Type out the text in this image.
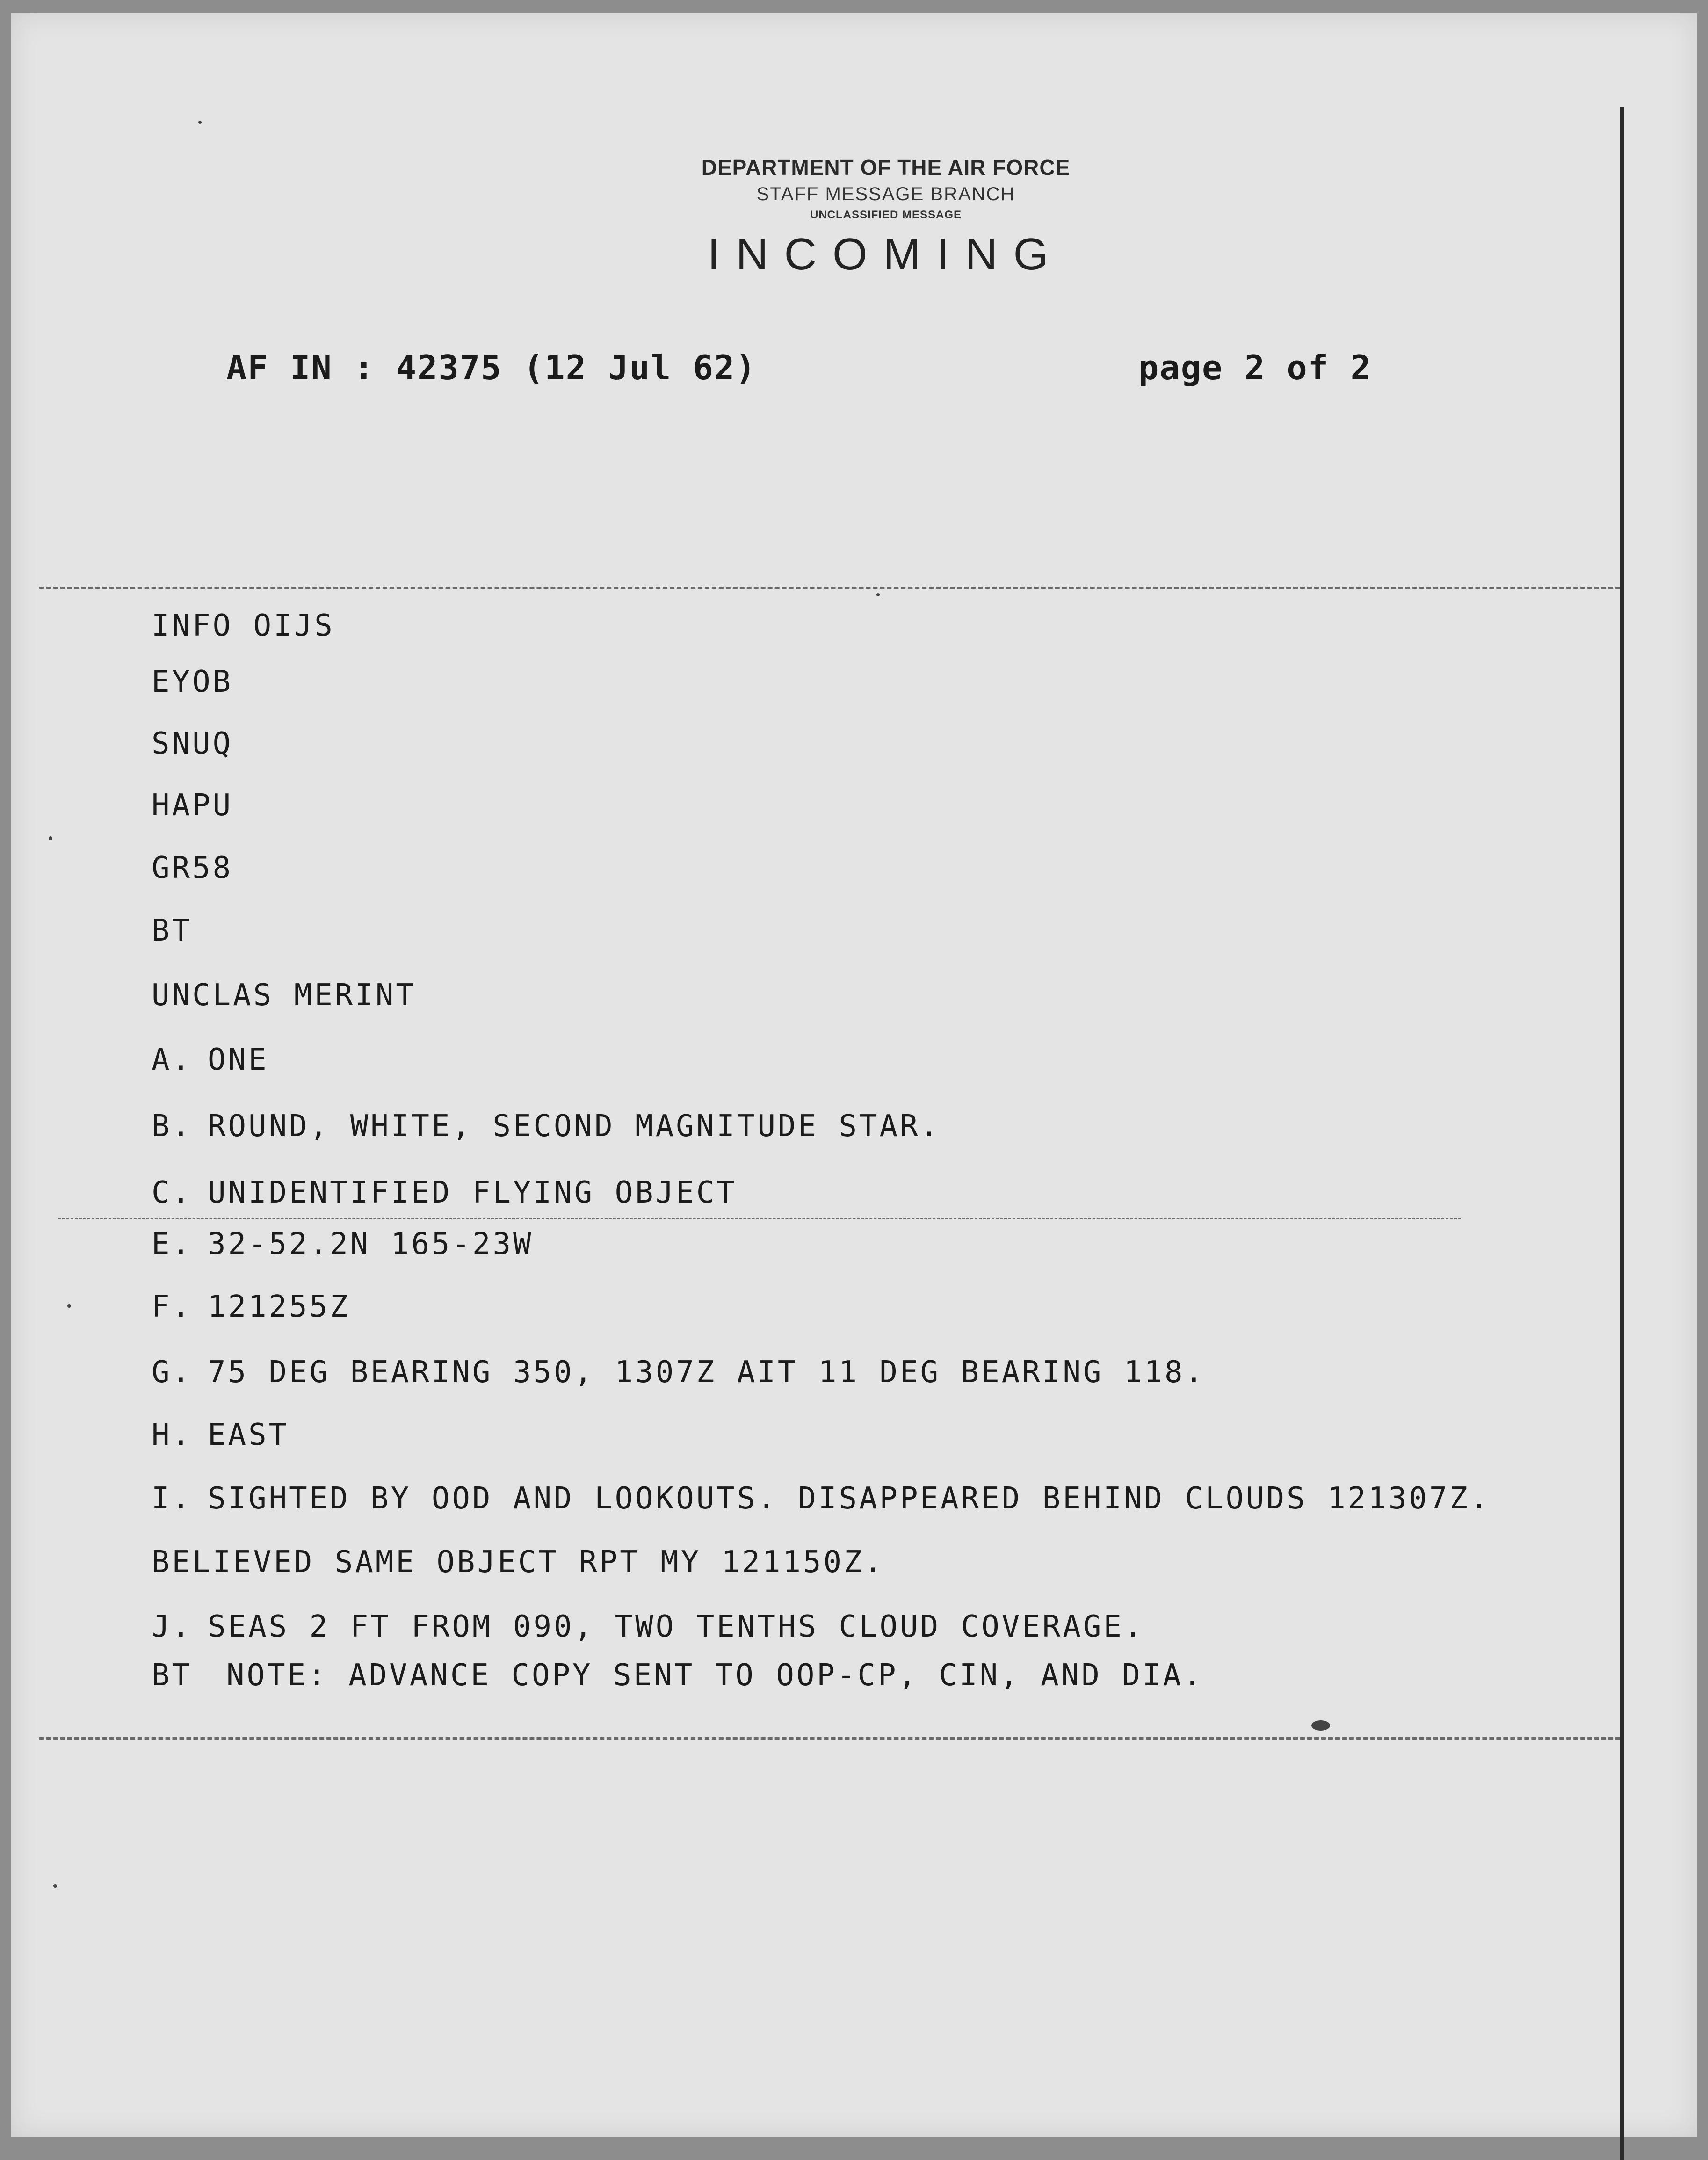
DEPARTMENT OF THE AIR FORCE
STAFF MESSAGE BRANCH
UNCLASSIFIED MESSAGE
INCOMING
AF IN : 42375 (12 Jul 62)	page 2 of 2
INFO OIJS
EYOB
SNUQ
HAPU
GR58
BT
UNCLAS MERINT
A. ONE
B. ROUND, WHITE, SECOND MAGNITUDE STAR.
C. UNIDENTIFIED FLYING OBJECT
E. 32-52.2N 165-23W
F. 121255Z
G. 75 DEG BEARING 350, 1307Z AIT 11 DEG BEARING 118.
H. EAST
I. SIGHTED BY OOD AND LOOKOUTS. DISAPPEARED BEHIND CLOUDS 121307Z.
BELIEVED SAME OBJECT RPT MY 121150Z.
J. SEAS 2 FT FROM 090, TWO TENTHS CLOUD COVERAGE.
BT NOTE: ADVANCE COPY SENT TO OOP-CP, CIN, AND DIA.
